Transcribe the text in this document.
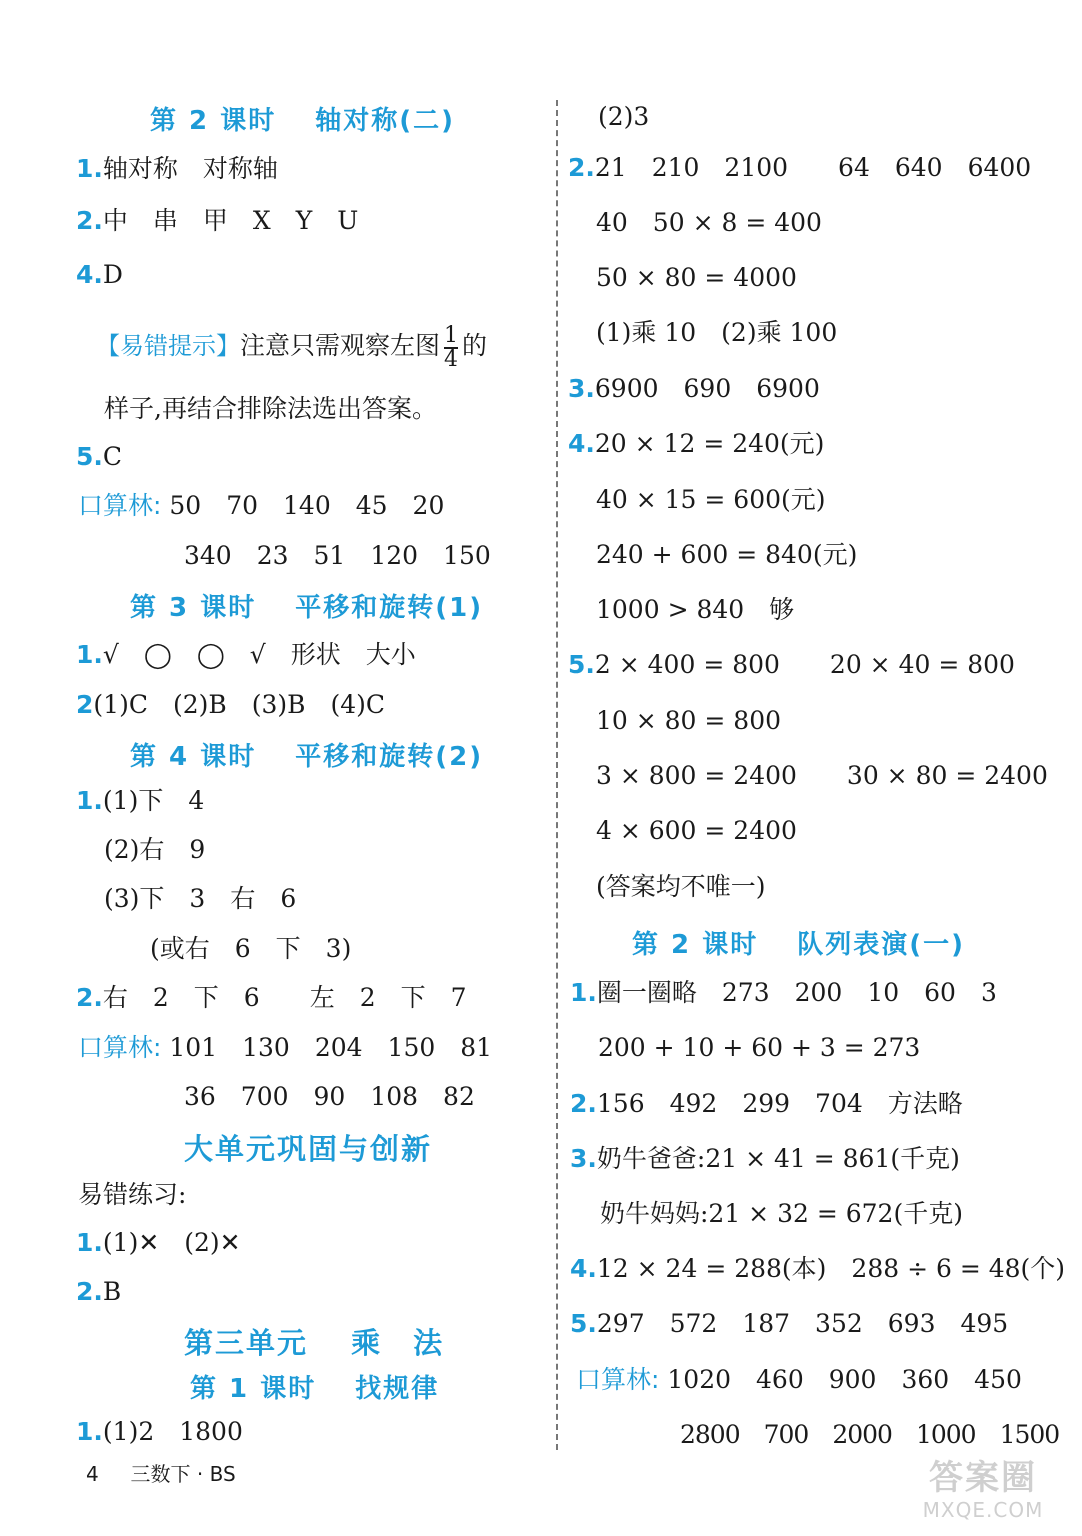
第 2 课时　 轴对称(二)
1.轴对称　对称轴
2.中　串　甲　X　Y　U
4.D
【易错提示】注意只需观察左图 $\frac{1}{4}$ 的
样子,再结合排除法选出答案。
5.C
口算林: 50　70　140　45　20
340　23　51　120　150
第 3 课时　 平移和旋转(1)
1.√　◯　◯　√　形状　大小
2(1)C　(2)B　(3)B　(4)C
第 4 课时　 平移和旋转(2)
1.(1)下　4
(2)右　9
(3)下　3　右　6
(或右　6　下　3)
2.右　2　下　6　　左　2　下　7
口算林: 101　130　204　150　81
36　700　90　108　82
大单元巩固与创新
易错练习:
1.(1)✕　(2)✕
2.B
第三单元　 乘　法
第 1 课时　 找规律
1.(1)2　1800
(2)3
2.21　210　2100　　64　640　6400
40　50 × 8 = 400
50 × 80 = 4000
(1)乘 10　(2)乘 100
3.6900　690　6900
4.20 × 12 = 240(元)
40 × 15 = 600(元)
240 + 600 = 840(元)
1000 > 840　够
5.2 × 400 = 800　　20 × 40 = 800
10 × 80 = 800
3 × 800 = 2400　　30 × 80 = 2400
4 × 600 = 2400
(答案均不唯一)
第 2 课时　 队列表演(一)
1.圈一圈略　273　200　10　60　3
200 + 10 + 60 + 3 = 273
2.156　492　299　704　方法略
3.奶牛爸爸:21 × 41 = 861(千克)
奶牛妈妈:21 × 32 = 672(千克)
4.12 × 24 = 288(本)　288 ÷ 6 = 48(个)
5.297　572　187　352　693　495
口算林: 1020　460　900　360　450
2800　700　2000　1000　1500
4 三数下 · BS	答案圈
MXQE.COM
